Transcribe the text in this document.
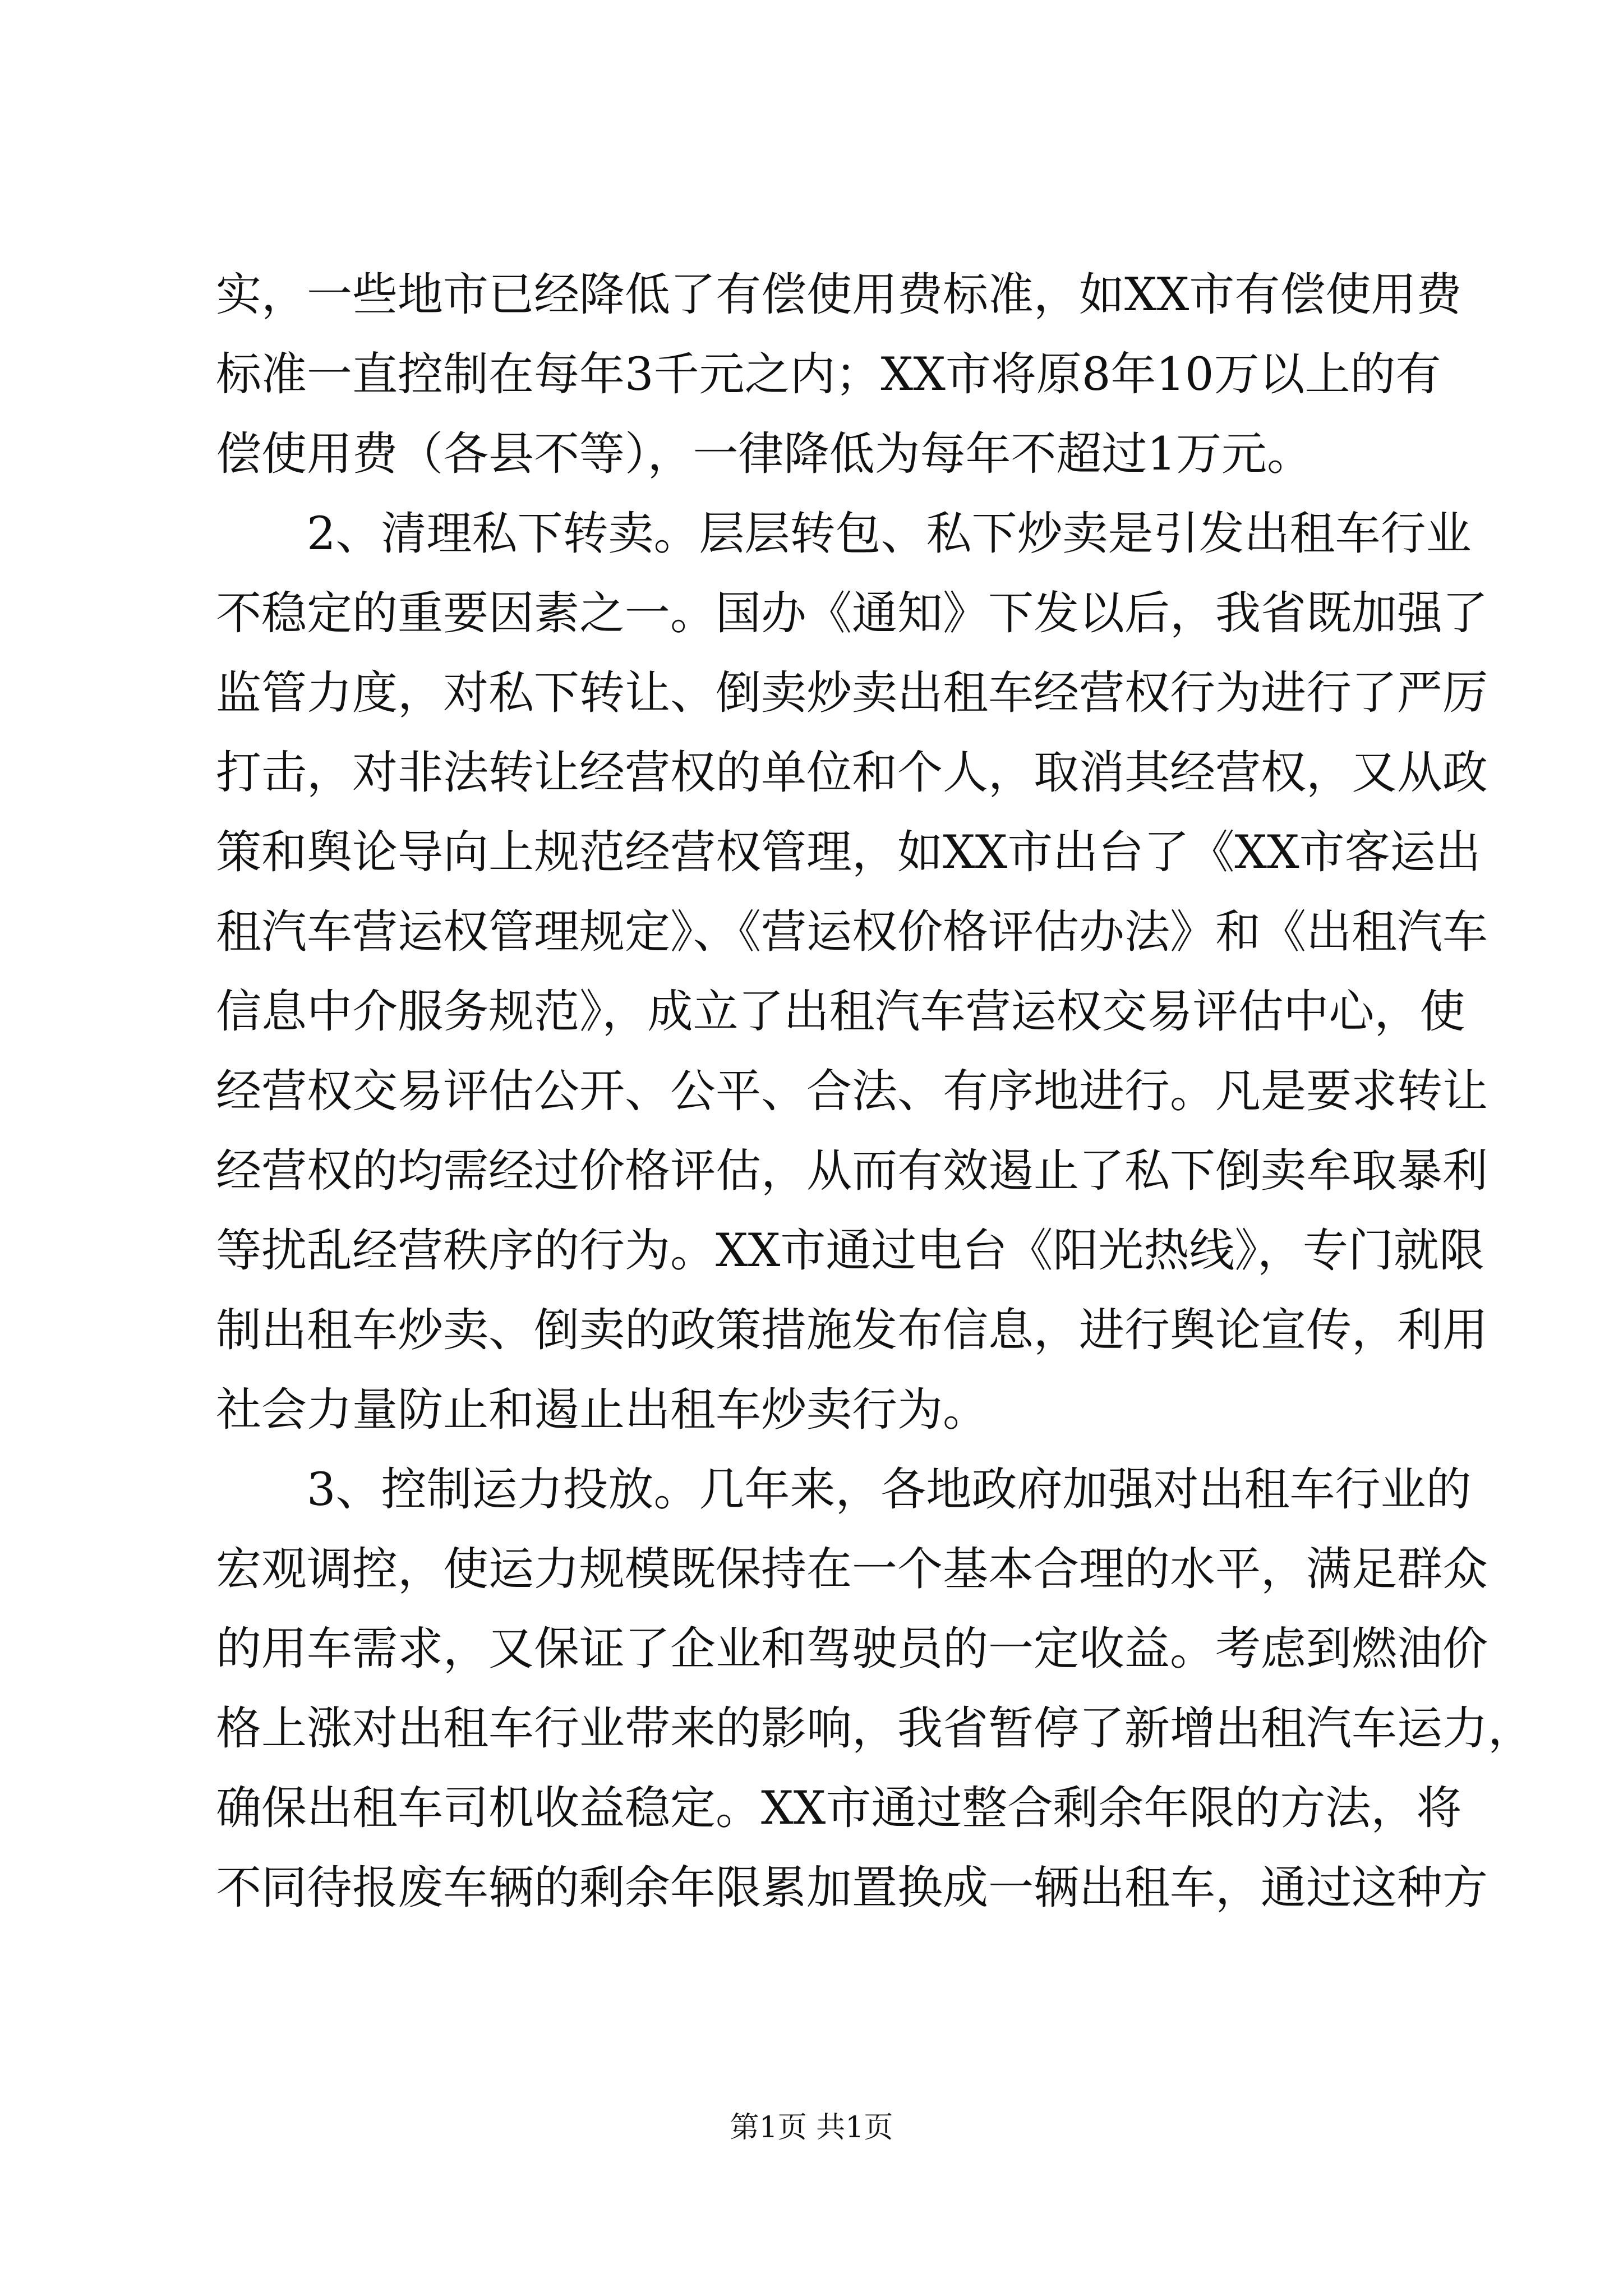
实，一些地市已经降低了有偿使用费标准，如XX市有偿使用费
标准一直控制在每年3千元之内；XX市将原8年10万以上的有
偿使用费（各县不等），一律降低为每年不超过1万元。
2、清理私下转卖。层层转包、私下炒卖是引发出租车行业
不稳定的重要因素之一。国办《通知》下发以后，我省既加强了
监管力度，对私下转让、倒卖炒卖出租车经营权行为进行了严厉
打击，对非法转让经营权的单位和个人，取消其经营权，又从政
策和舆论导向上规范经营权管理，如XX市出台了《XX市客运出
租汽车营运权管理规定》、《营运权价格评估办法》和《出租汽车
信息中介服务规范》，成立了出租汽车营运权交易评估中心，使
经营权交易评估公开、公平、合法、有序地进行。凡是要求转让
经营权的均需经过价格评估，从而有效遏止了私下倒卖牟取暴利
等扰乱经营秩序的行为。XX市通过电台《阳光热线》，专门就限
制出租车炒卖、倒卖的政策措施发布信息，进行舆论宣传，利用
社会力量防止和遏止出租车炒卖行为。
3、控制运力投放。几年来，各地政府加强对出租车行业的
宏观调控，使运力规模既保持在一个基本合理的水平，满足群众
的用车需求，又保证了企业和驾驶员的一定收益。考虑到燃油价
格上涨对出租车行业带来的影响，我省暂停了新增出租汽车运力，
确保出租车司机收益稳定。XX市通过整合剩余年限的方法，将
不同待报废车辆的剩余年限累加置换成一辆出租车，通过这种方
第1页 共1页
